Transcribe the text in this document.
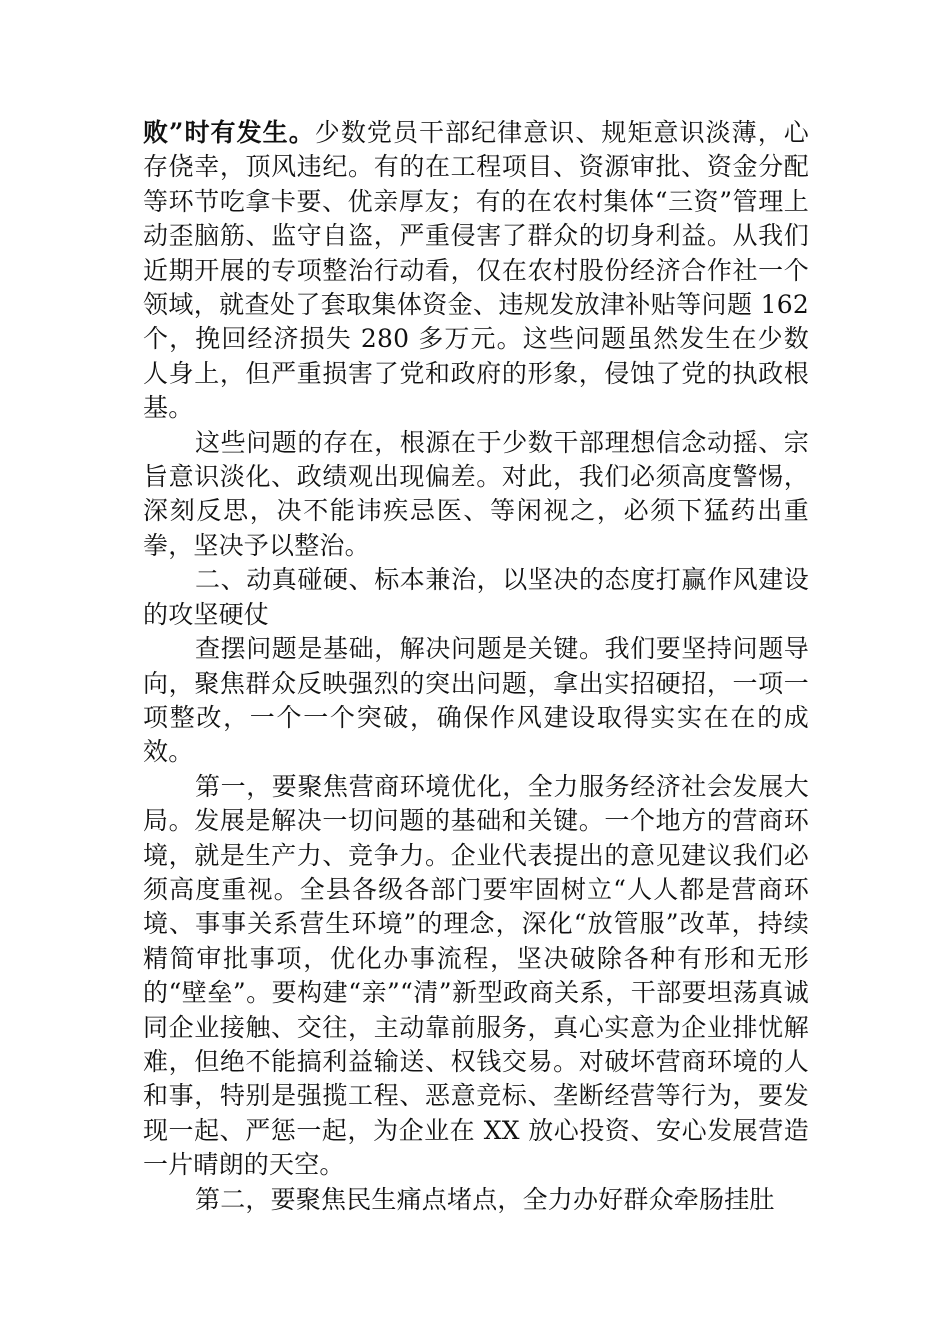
败”时有发生。少数党员干部纪律意识、规矩意识淡薄，心存侥幸，顶风违纪。有的在工程项目、资源审批、资金分配等环节吃拿卡要、优亲厚友；有的在农村集体“三资”管理上动歪脑筋、监守自盗，严重侵害了群众的切身利益。从我们近期开展的专项整治行动看，仅在农村股份经济合作社一个领域，就查处了套取集体资金、违规发放津补贴等问题 162 个，挽回经济损失 280 多万元。这些问题虽然发生在少数人身上，但严重损害了党和政府的形象，侵蚀了党的执政根基。

这些问题的存在，根源在于少数干部理想信念动摇、宗旨意识淡化、政绩观出现偏差。对此，我们必须高度警惕，深刻反思，决不能讳疾忌医、等闲视之，必须下猛药出重拳，坚决予以整治。

二、动真碰硬、标本兼治，以坚决的态度打赢作风建设的攻坚硬仗

查摆问题是基础，解决问题是关键。我们要坚持问题导向，聚焦群众反映强烈的突出问题，拿出实招硬招，一项一项整改，一个一个突破，确保作风建设取得实实在在的成效。

第一，要聚焦营商环境优化，全力服务经济社会发展大局。发展是解决一切问题的基础和关键。一个地方的营商环境，就是生产力、竞争力。企业代表提出的意见建议我们必须高度重视。全县各级各部门要牢固树立“人人都是营商环境、事事关系营生环境”的理念，深化“放管服”改革，持续精简审批事项，优化办事流程，坚决破除各种有形和无形的“壁垒”。要构建“亲”“清”新型政商关系，干部要坦荡真诚同企业接触、交往，主动靠前服务，真心实意为企业排忧解难，但绝不能搞利益输送、权钱交易。对破坏营商环境的人和事，特别是强揽工程、恶意竞标、垄断经营等行为，要发现一起、严惩一起，为企业在 XX 放心投资、安心发展营造一片晴朗的天空。

第二，要聚焦民生痛点堵点，全力办好群众牵肠挂肚
